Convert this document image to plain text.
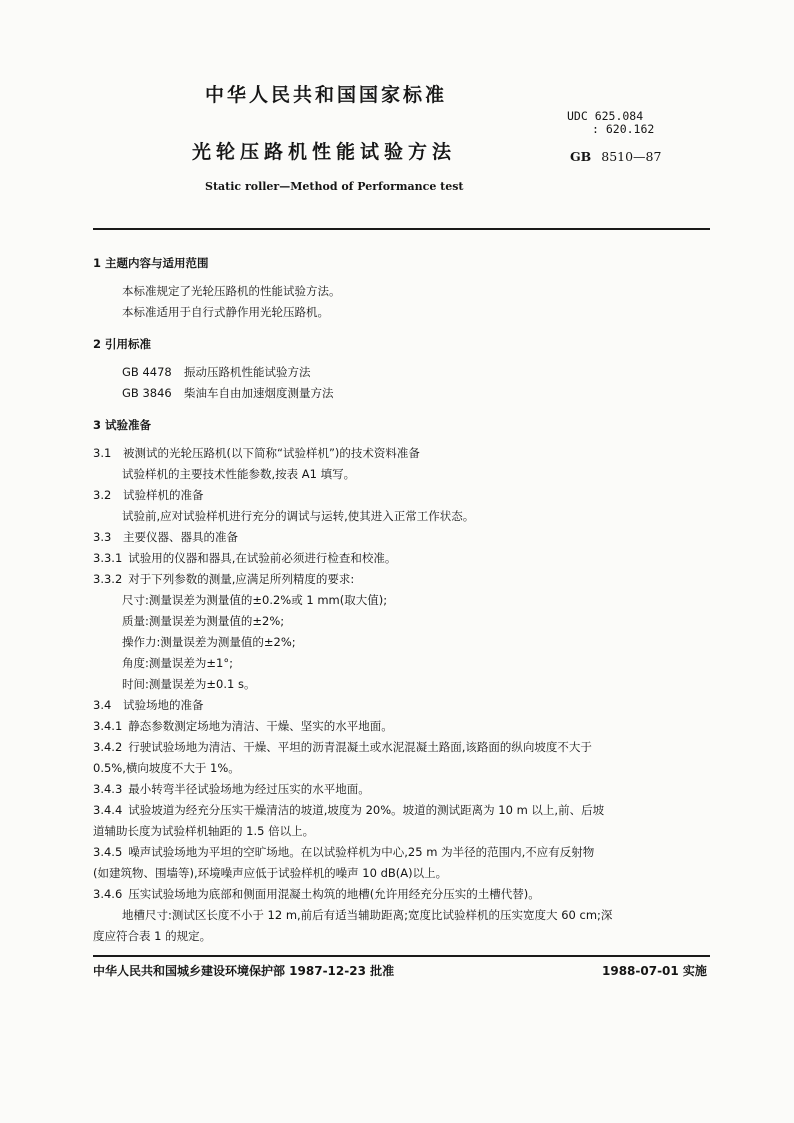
中华人民共和国国家标准
UDC 625.084
: 620.162
光轮压路机性能试验方法	GB 8510—87
Static roller—Method of Performance test

1 主题内容与适用范围

本标准规定了光轮压路机的性能试验方法。

本标准适用于自行式静作用光轮压路机。

2 引用标准

GB 4478 振动压路机性能试验方法

GB 3846 柴油车自由加速烟度测量方法

3 试验准备

3.1 被测试的光轮压路机(以下简称“试验样机”)的技术资料准备

试验样机的主要技术性能参数,按表 A1 填写。

3.2 试验样机的准备

试验前,应对试验样机进行充分的调试与运转,使其进入正常工作状态。

3.3 主要仪器、器具的准备

3.3.1 试验用的仪器和器具,在试验前必须进行检查和校准。

3.3.2 对于下列参数的测量,应满足所列精度的要求:

尺寸:测量误差为测量值的±0.2%或 1 mm(取大值);

质量:测量误差为测量值的±2%;

操作力:测量误差为测量值的±2%;

角度:测量误差为±1°;

时间:测量误差为±0.1 s。

3.4 试验场地的准备

3.4.1 静态参数测定场地为清洁、干燥、坚实的水平地面。

3.4.2 行驶试验场地为清洁、干燥、平坦的沥青混凝土或水泥混凝土路面,该路面的纵向坡度不大于

0.5%,横向坡度不大于 1%。

3.4.3 最小转弯半径试验场地为经过压实的水平地面。

3.4.4 试验坡道为经充分压实干燥清洁的坡道,坡度为 20%。坡道的测试距离为 10 m 以上,前、后坡

道辅助长度为试验样机轴距的 1.5 倍以上。

3.4.5 噪声试验场地为平坦的空旷场地。在以试验样机为中心,25 m 为半径的范围内,不应有反射物

(如建筑物、围墙等),环境噪声应低于试验样机的噪声 10 dB(A)以上。

3.4.6 压实试验场地为底部和侧面用混凝土构筑的地槽(允许用经充分压实的土槽代替)。

地槽尺寸:测试区长度不小于 12 m,前后有适当辅助距离;宽度比试验样机的压实宽度大 60 cm;深

度应符合表 1 的规定。

中华人民共和国城乡建设环境保护部 1987-12-23 批准	1988-07-01 实施
